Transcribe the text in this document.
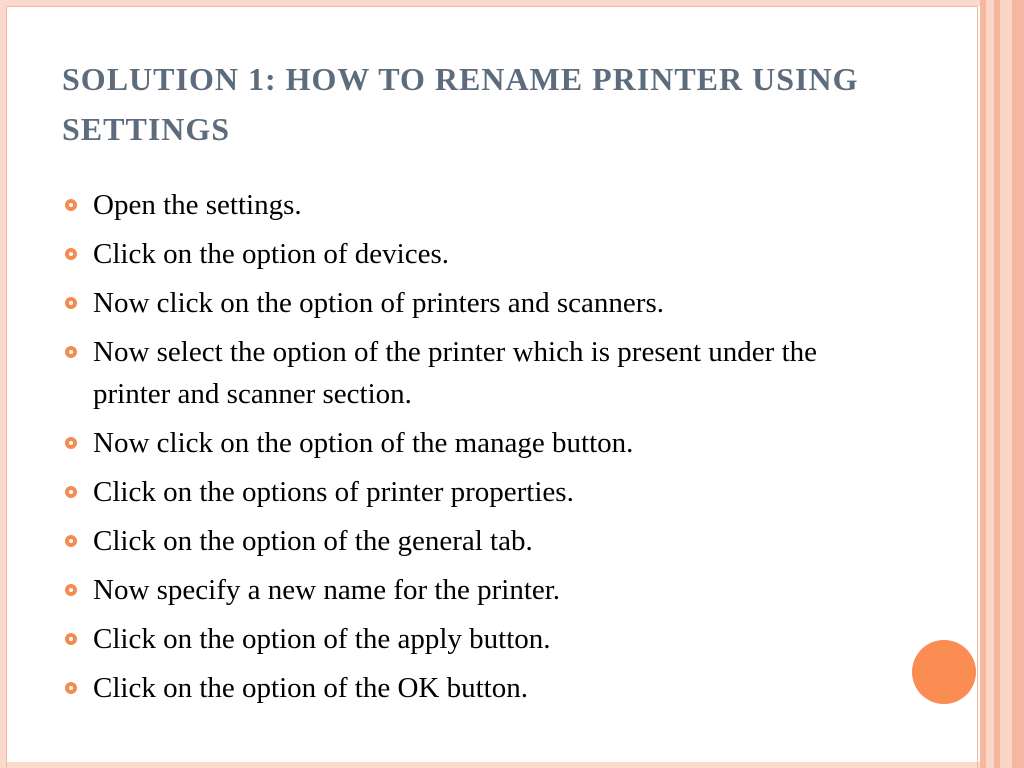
SOLUTION 1: HOW TO RENAME PRINTER USING SETTINGS
Open the settings.
Click on the option of devices.
Now click on the option of printers and scanners.
Now select the option of the printer which is present under the printer and scanner section.
Now click on the option of the manage button.
Click on the options of printer properties.
Click on the option of the general tab.
Now specify a new name for the printer.
Click on the option of the apply button.
Click on the option of the OK button.
